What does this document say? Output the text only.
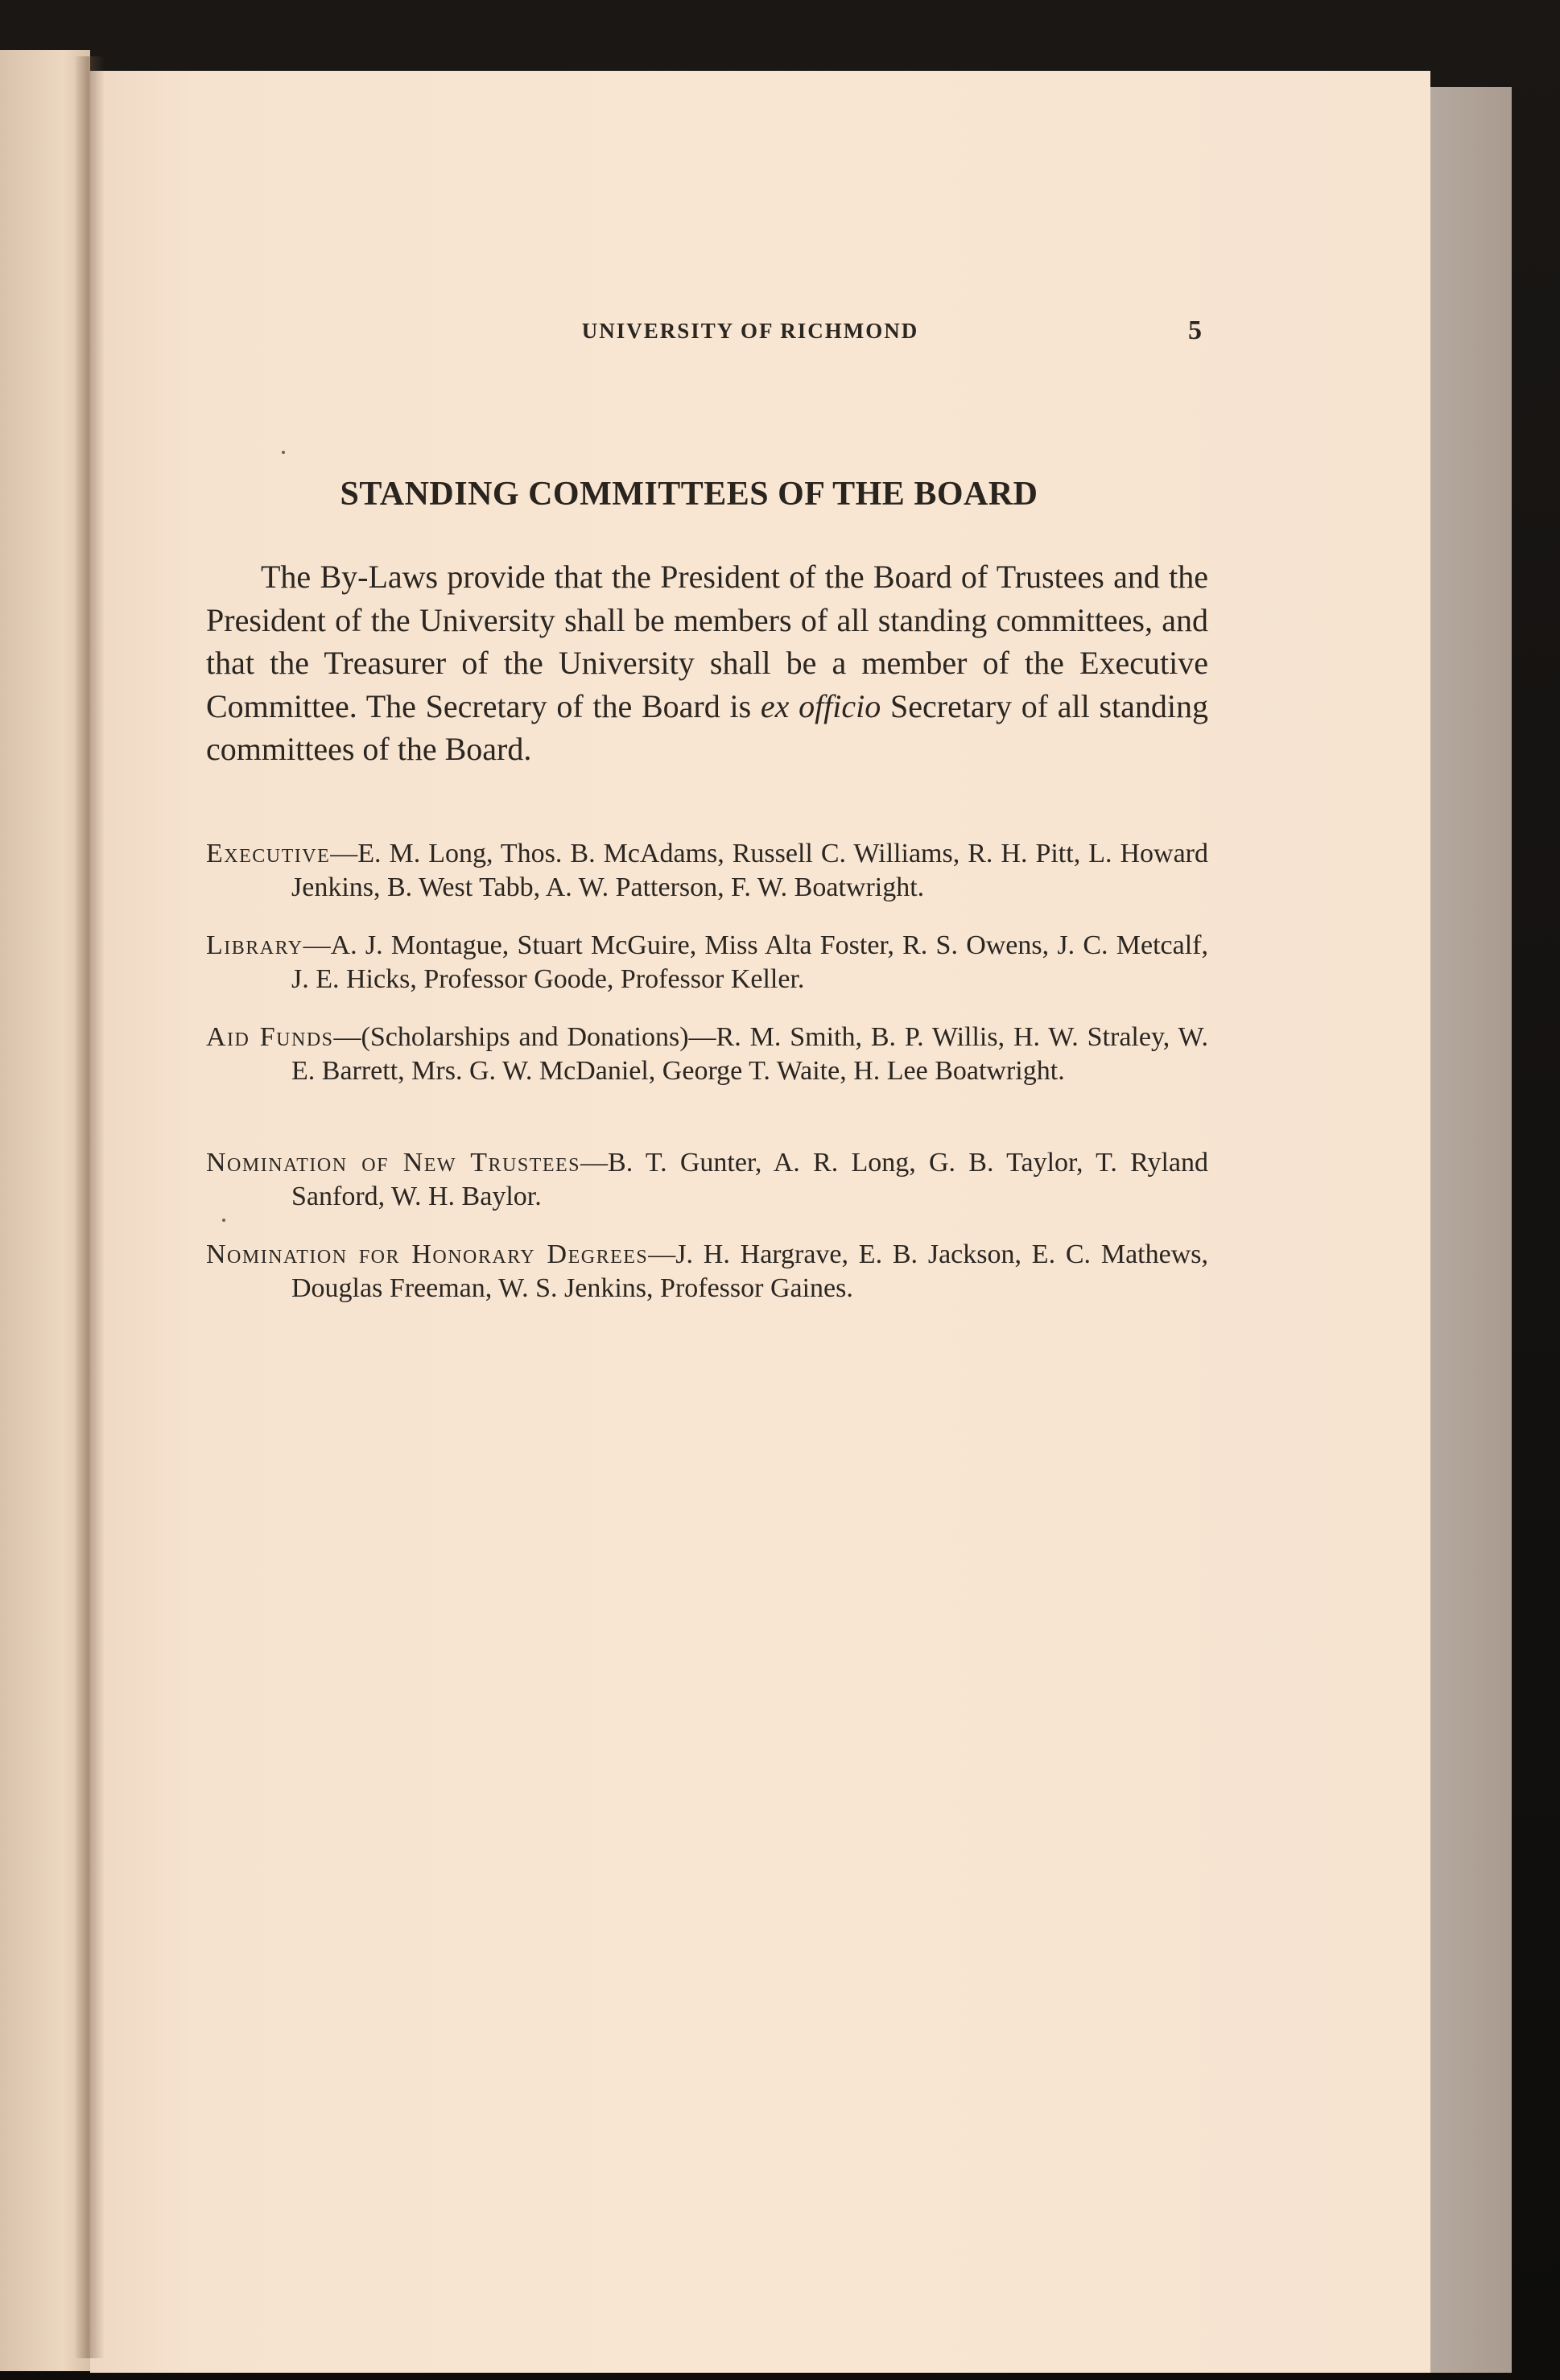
UNIVERSITY OF RICHMOND	5
STANDING COMMITTEES OF THE BOARD
The By-Laws provide that the President of the Board of Trustees and the President of the University shall be members of all standing committees, and that the Treasurer of the University shall be a member of the Executive Committee. The Secretary of the Board is ex officio Secretary of all standing committees of the Board.
Executive—E. M. Long, Thos. B. McAdams, Russell C. Williams, R. H. Pitt, L. Howard Jenkins, B. West Tabb, A. W. Patterson, F. W. Boatwright.
Library—A. J. Montague, Stuart McGuire, Miss Alta Foster, R. S. Owens, J. C. Metcalf, J. E. Hicks, Professor Goode, Professor Keller.
Aid Funds—(Scholarships and Donations)—R. M. Smith, B. P. Willis, H. W. Straley, W. E. Barrett, Mrs. G. W. McDaniel, George T. Waite, H. Lee Boatwright.
Nomination of New Trustees—B. T. Gunter, A. R. Long, G. B. Taylor, T. Ryland Sanford, W. H. Baylor.
Nomination for Honorary Degrees—J. H. Hargrave, E. B. Jackson, E. C. Mathews, Douglas Freeman, W. S. Jenkins, Professor Gaines.
